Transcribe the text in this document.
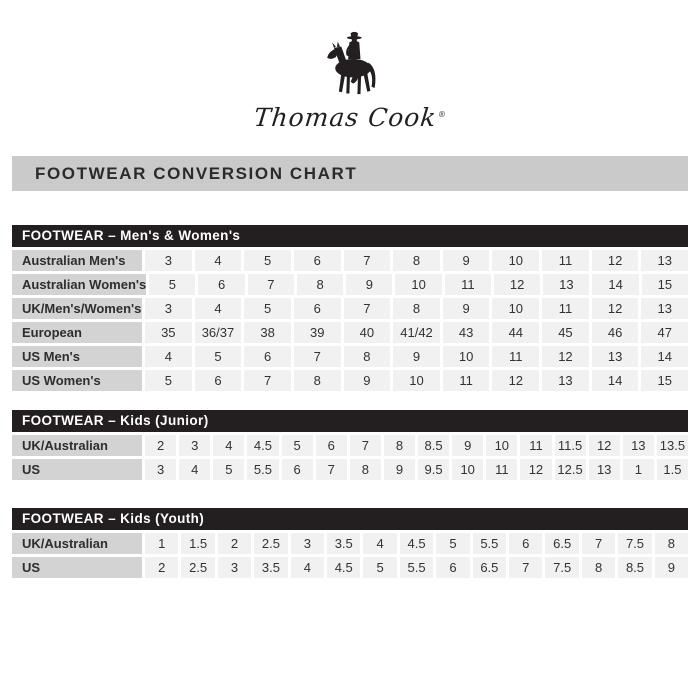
Thomas Cook®
FOOTWEAR CONVERSION CHART
FOOTWEAR – Men's & Women's
Australian Men's	3	4	5	6	7	8	9	10	11	12	13
Australian Women's	5	6	7	8	9	10	11	12	13	14	15
UK/Men's/Women's	3	4	5	6	7	8	9	10	11	12	13
European	35	36/37	38	39	40	41/42	43	44	45	46	47
US Men's	4	5	6	7	8	9	10	11	12	13	14
US Women's	5	6	7	8	9	10	11	12	13	14	15
FOOTWEAR – Kids (Junior)
UK/Australian	2	3	4	4.5	5	6	7	8	8.5	9	10	11	11.5	12	13	13.5
US	3	4	5	5.5	6	7	8	9	9.5	10	11	12	12.5	13	1	1.5
FOOTWEAR – Kids (Youth)
UK/Australian	1	1.5	2	2.5	3	3.5	4	4.5	5	5.5	6	6.5	7	7.5	8
US	2	2.5	3	3.5	4	4.5	5	5.5	6	6.5	7	7.5	8	8.5	9
